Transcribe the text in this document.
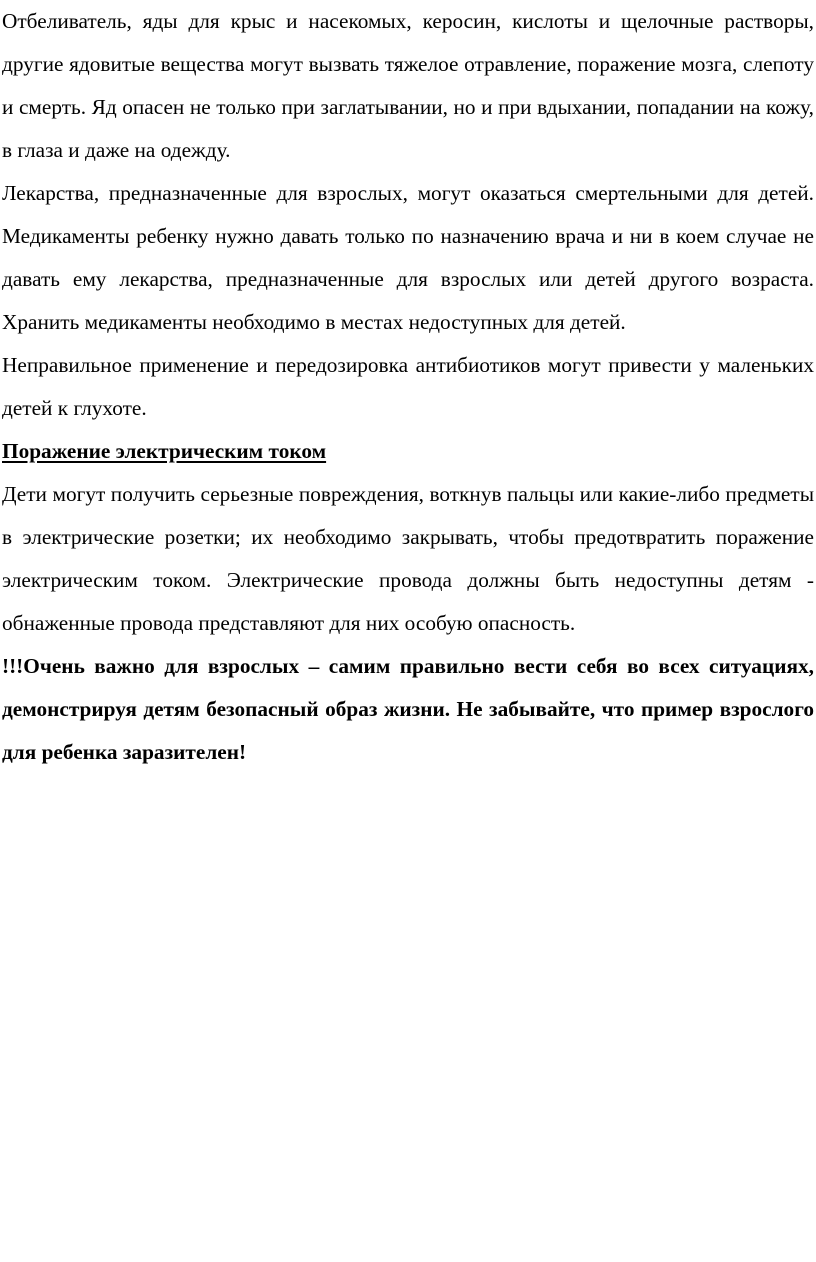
Отбеливатель, яды для крыс и насекомых, керосин, кислоты и щелочные растворы, другие ядовитые вещества могут вызвать тяжелое отравление, поражение мозга, слепоту и смерть. Яд опасен не только при заглатывании, но и при вдыхании, попадании на кожу, в глаза и даже на одежду.

Лекарства, предназначенные для взрослых, могут оказаться смертельными для детей. Медикаменты ребенку нужно давать только по назначению врача и ни в коем случае не давать ему лекарства, предназначенные для взрослых или детей другого возраста. Хранить медикаменты необходимо в местах недоступных для детей.

Неправильное применение и передозировка антибиотиков могут привести у маленьких детей к глухоте.

Поражение электрическим током

Дети могут получить серьезные повреждения, воткнув пальцы или какие-либо предметы в электрические розетки; их необходимо закрывать, чтобы предотвратить поражение электрическим током. Электрические провода должны быть недоступны детям - обнаженные провода представляют для них особую опасность.

!!!Очень важно для взрослых – самим правильно вести себя во всех ситуациях, демонстрируя детям безопасный образ жизни. Не забывайте, что пример взрослого для ребенка заразителен!
